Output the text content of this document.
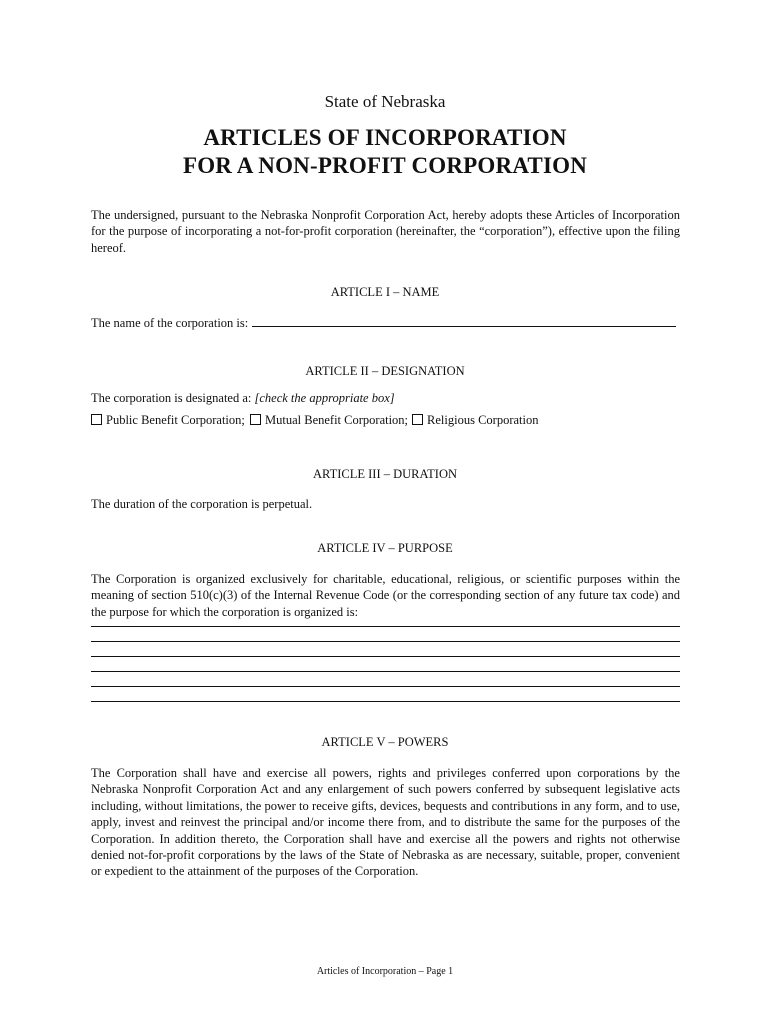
State of Nebraska
ARTICLES OF INCORPORATION
FOR A NON-PROFIT CORPORATION
The undersigned, pursuant to the Nebraska Nonprofit Corporation Act, hereby adopts these Articles of Incorporation for the purpose of incorporating a not-for-profit corporation (hereinafter, the “corporation”), effective upon the filing hereof.
ARTICLE I – NAME
The name of the corporation is:
ARTICLE II – DESIGNATION
The corporation is designated a: [check the appropriate box]
Public Benefit Corporation; Mutual Benefit Corporation; Religious Corporation
ARTICLE III – DURATION
The duration of the corporation is perpetual.
ARTICLE IV – PURPOSE
The Corporation is organized exclusively for charitable, educational, religious, or scientific purposes within the meaning of section 510(c)(3) of the Internal Revenue Code (or the corresponding section of any future tax code) and the purpose for which the corporation is organized is:
ARTICLE V – POWERS
The Corporation shall have and exercise all powers, rights and privileges conferred upon corporations by the Nebraska Nonprofit Corporation Act and any enlargement of such powers conferred by subsequent legislative acts including, without limitations, the power to receive gifts, devices, bequests and contributions in any form, and to use, apply, invest and reinvest the principal and/or income there from, and to distribute the same for the purposes of the Corporation. In addition thereto, the Corporation shall have and exercise all the powers and rights not otherwise denied not-for-profit corporations by the laws of the State of Nebraska as are necessary, suitable, proper, convenient or expedient to the attainment of the purposes of the Corporation.
Articles of Incorporation – Page 1
